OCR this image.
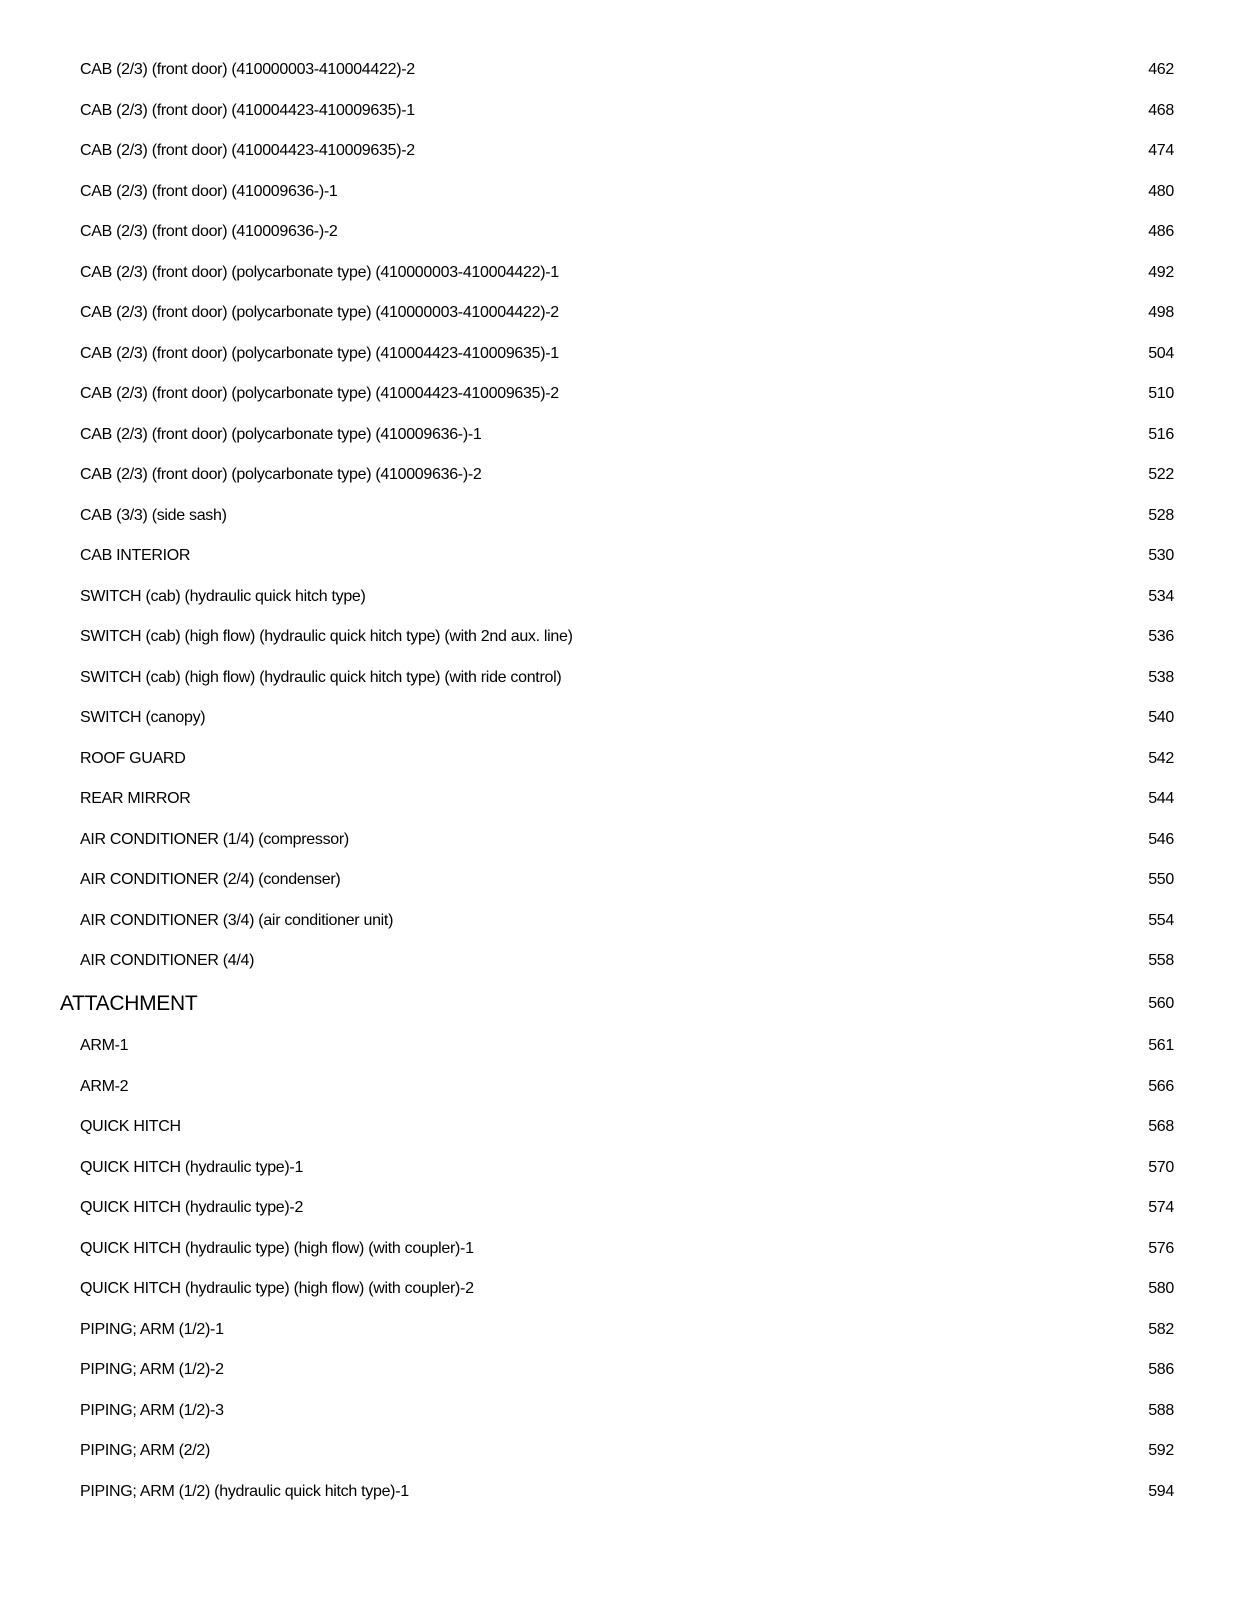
CAB (2/3) (front door) (410000003-410004422)-2	462
CAB (2/3) (front door) (410004423-410009635)-1	468
CAB (2/3) (front door) (410004423-410009635)-2	474
CAB (2/3) (front door) (410009636-)-1	480
CAB (2/3) (front door) (410009636-)-2	486
CAB (2/3) (front door) (polycarbonate type) (410000003-410004422)-1	492
CAB (2/3) (front door) (polycarbonate type) (410000003-410004422)-2	498
CAB (2/3) (front door) (polycarbonate type) (410004423-410009635)-1	504
CAB (2/3) (front door) (polycarbonate type) (410004423-410009635)-2	510
CAB (2/3) (front door) (polycarbonate type) (410009636-)-1	516
CAB (2/3) (front door) (polycarbonate type) (410009636-)-2	522
CAB (3/3) (side sash)	528
CAB INTERIOR	530
SWITCH (cab) (hydraulic quick hitch type)	534
SWITCH (cab) (high flow) (hydraulic quick hitch type) (with 2nd aux. line)	536
SWITCH (cab) (high flow) (hydraulic quick hitch type) (with ride control)	538
SWITCH (canopy)	540
ROOF GUARD	542
REAR MIRROR	544
AIR CONDITIONER (1/4) (compressor)	546
AIR CONDITIONER (2/4) (condenser)	550
AIR CONDITIONER (3/4) (air conditioner unit)	554
AIR CONDITIONER (4/4)	558
ATTACHMENT	560
ARM-1	561
ARM-2	566
QUICK HITCH	568
QUICK HITCH (hydraulic type)-1	570
QUICK HITCH (hydraulic type)-2	574
QUICK HITCH (hydraulic type) (high flow) (with coupler)-1	576
QUICK HITCH (hydraulic type) (high flow) (with coupler)-2	580
PIPING; ARM (1/2)-1	582
PIPING; ARM (1/2)-2	586
PIPING; ARM (1/2)-3	588
PIPING; ARM (2/2)	592
PIPING; ARM (1/2) (hydraulic quick hitch type)-1	594
